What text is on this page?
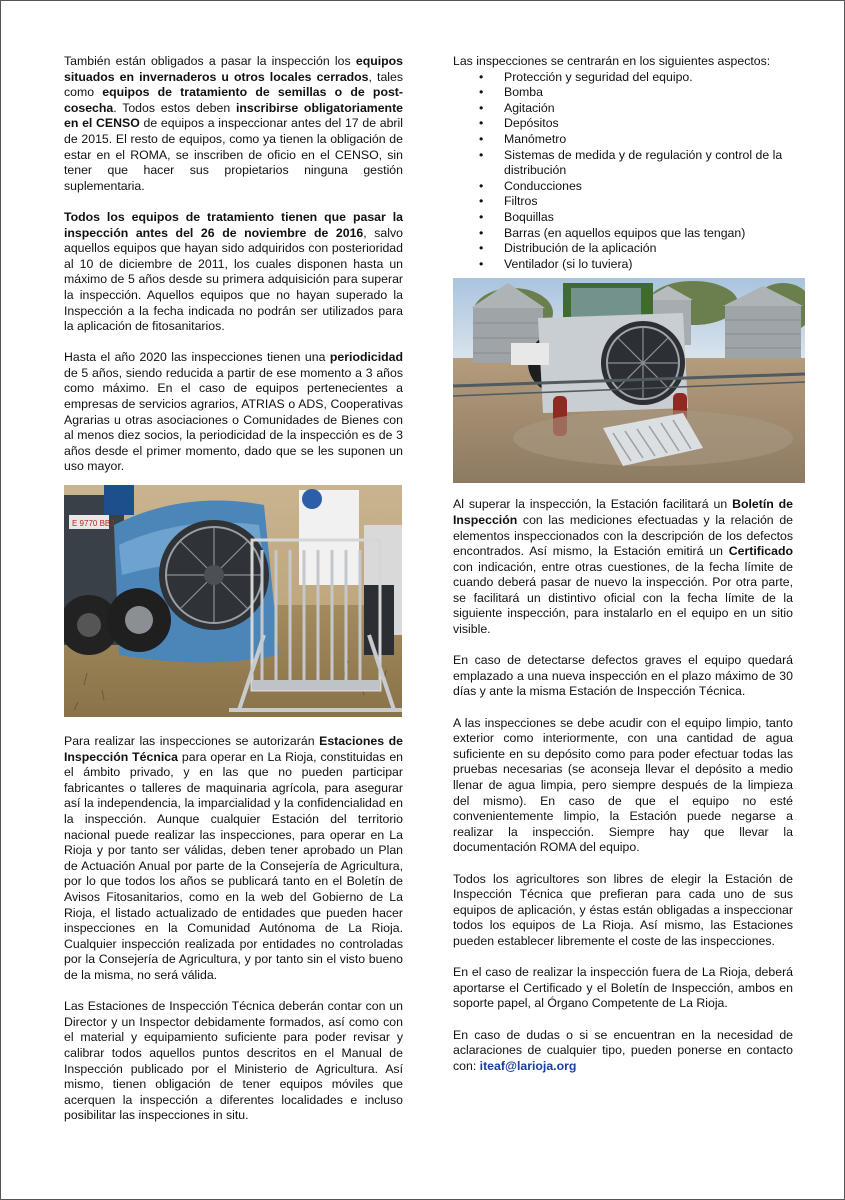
También están obligados a pasar la inspección los equipos situados en invernaderos u otros locales cerrados, tales como equipos de tratamiento de semillas o de post-cosecha. Todos estos deben inscribirse obligatoriamente en el CENSO de equipos a inspeccionar antes del 17 de abril de 2015. El resto de equipos, como ya tienen la obligación de estar en el ROMA, se inscriben de oficio en el CENSO, sin tener que hacer sus propietarios ninguna gestión suplementaria.

Todos los equipos de tratamiento tienen que pasar la inspección antes del 26 de noviembre de 2016, salvo aquellos equipos que hayan sido adquiridos con posterioridad al 10 de diciembre de 2011, los cuales disponen hasta un máximo de 5 años desde su primera adquisición para superar la inspección. Aquellos equipos que no hayan superado la Inspección a la fecha indicada no podrán ser utilizados para la aplicación de fitosanitarios.

Hasta el año 2020 las inspecciones tienen una periodicidad de 5 años, siendo reducida a partir de ese momento a 3 años como máximo. En el caso de equipos pertenecientes a empresas de servicios agrarios, ATRIAS o ADS, Cooperativas Agrarias u otras asociaciones o Comunidades de Bienes con al menos diez socios, la periodicidad de la inspección es de 3 años desde el primer momento, dado que se les suponen un uso mayor.

E 9770 BBJ

Para realizar las inspecciones se autorizarán Estaciones de Inspección Técnica para operar en La Rioja, constituidas en el ámbito privado, y en las que no pueden participar fabricantes o talleres de maquinaria agrícola, para asegurar así la independencia, la imparcialidad y la confidencialidad en la inspección. Aunque cualquier Estación del territorio nacional puede realizar las inspecciones, para operar en La Rioja y por tanto ser válidas, deben tener aprobado un Plan de Actuación Anual por parte de la Consejería de Agricultura, por lo que todos los años se publicará tanto en el Boletín de Avisos Fitosanitarios, como en la web del Gobierno de La Rioja, el listado actualizado de entidades que pueden hacer inspecciones en la Comunidad Autónoma de La Rioja. Cualquier inspección realizada por entidades no controladas por la Consejería de Agricultura, y por tanto sin el visto bueno de la misma, no será válida.

Las Estaciones de Inspección Técnica deberán contar con un Director y un Inspector debidamente formados, así como con el material y equipamiento suficiente para poder revisar y calibrar todos aquellos puntos descritos en el Manual de Inspección publicado por el Ministerio de Agricultura. Así mismo, tienen obligación de tener equipos móviles que acerquen la inspección a diferentes localidades e incluso posibilitar las inspecciones in situ.

Las inspecciones se centrarán en los siguientes aspectos:

• Protección y seguridad del equipo.
• Bomba
• Agitación
• Depósitos
• Manómetro
• Sistemas de medida y de regulación y control de la distribución
• Conducciones
• Filtros
• Boquillas
• Barras (en aquellos equipos que las tengan)
• Distribución de la aplicación
• Ventilador (si lo tuviera)

Al superar la inspección, la Estación facilitará un Boletín de Inspección con las mediciones efectuadas y la relación de elementos inspeccionados con la descripción de los defectos encontrados. Así mismo, la Estación emitirá un Certificado con indicación, entre otras cuestiones, de la fecha límite de cuando deberá pasar de nuevo la inspección. Por otra parte, se facilitará un distintivo oficial con la fecha límite de la siguiente inspección, para instalarlo en el equipo en un sitio visible.

En caso de detectarse defectos graves el equipo quedará emplazado a una nueva inspección en el plazo máximo de 30 días y ante la misma Estación de Inspección Técnica.

A las inspecciones se debe acudir con el equipo limpio, tanto exterior como interiormente, con una cantidad de agua suficiente en su depósito como para poder efectuar todas las pruebas necesarias (se aconseja llevar el depósito a medio llenar de agua limpia, pero siempre después de la limpieza del mismo). En caso de que el equipo no esté convenientemente limpio, la Estación puede negarse a realizar la inspección. Siempre hay que llevar la documentación ROMA del equipo.

Todos los agricultores son libres de elegir la Estación de Inspección Técnica que prefieran para cada uno de sus equipos de aplicación, y éstas están obligadas a inspeccionar todos los equipos de La Rioja. Así mismo, las Estaciones pueden establecer libremente el coste de las inspecciones.

En el caso de realizar la inspección fuera de La Rioja, deberá aportarse el Certificado y el Boletín de Inspección, ambos en soporte papel, al Órgano Competente de La Rioja.

En caso de dudas o si se encuentran en la necesidad de aclaraciones de cualquier tipo, pueden ponerse en contacto con: iteaf@larioja.org
